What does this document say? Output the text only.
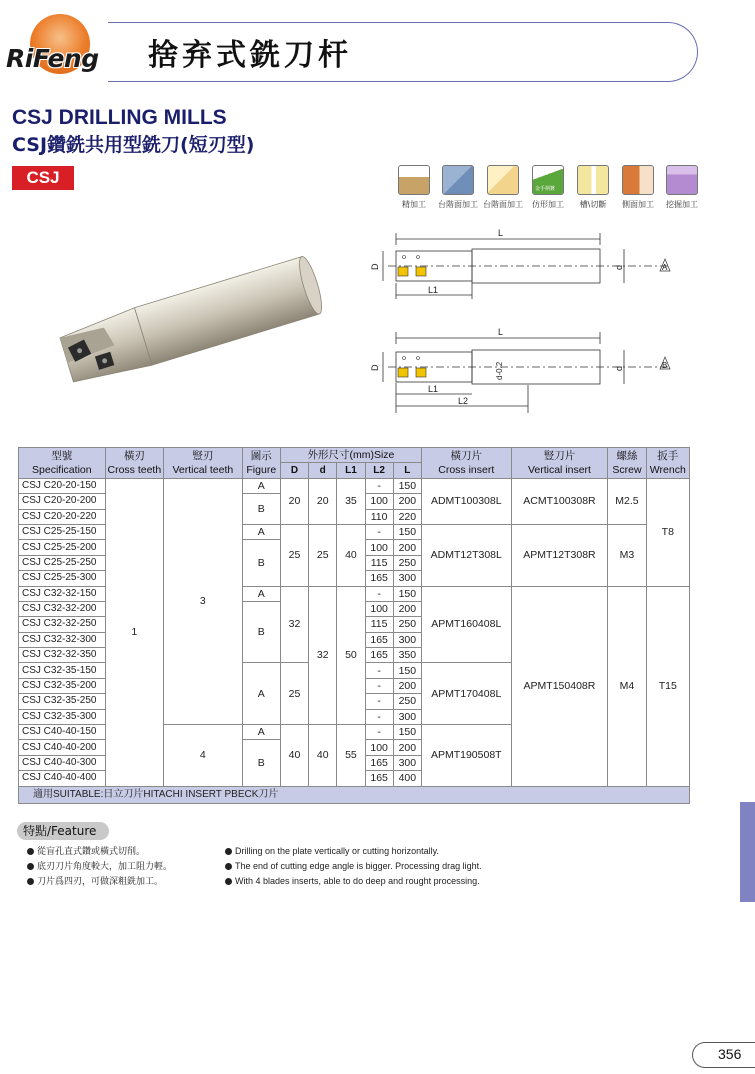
RiFeng 捨弃式銑刀杆
CSJ DRILLING MILLS
CSJ鑽銑共用型銑刀(短刃型)
CSJ
精加工	台階面加工 台階面加工
金手柄鍍
仿形加工	槽\切斷	側面加工	挖掘加工
L
L1
D	d	A
L
L1
L2
D	d
d-0.2	B
型號
Specification	橫刃
Cross teeth	豎刃
Vertical teeth	圖示
Figure	外形尺寸(mm)Size					橫刀片
Cross insert	豎刀片
Vertical insert	螺絲
Screw	扳手
Wrench
				D	d	L1	L2	L				
CSJ C20-20-150	1	3	A	20	20	35	-	150	ADMT100308L	ACMT100308R	M2.5	T8
CSJ C20-20-200			B				100	200				
CSJ C20-20-220							110	220				
CSJ C25-25-150			A	25	25	40	-	150	ADMT12T308L	APMT12T308R	M3	
CSJ C25-25-200			B				100	200				
CSJ C25-25-250							115	250				
CSJ C25-25-300							165	300				
CSJ C32-32-150			A	32	32	50	-	150	APMT160408L	APMT150408R	M4	T15
CSJ C32-32-200			B				100	200				
CSJ C32-32-250							115	250				
CSJ C32-32-300							165	300				
CSJ C32-32-350							165	350				
CSJ C32-35-150			A	25			-	150	APMT170408L			
CSJ C32-35-200							-	200				
CSJ C32-35-250							-	250				
CSJ C32-35-300							-	300				
CSJ C40-40-150		4	A	40	40	55	-	150	APMT190508T			
CSJ C40-40-200			B				100	200				
CSJ C40-40-300							165	300				
CSJ C40-40-400							165	400				
適用SUITABLE:日立刀片HITACHI INSERT PBECK刀片												
特點/Feature
從盲孔直式鑽或橫式切削。
底刃刀片角度較大，加工阻力輕。
刀片爲四刃，可做深粗銑加工。
Drilling on the plate vertically or cutting horizontally.
The end of cutting edge angle is bigger. Processing drag light.
With 4 blades inserts, able to do deep and rought processing.
356
